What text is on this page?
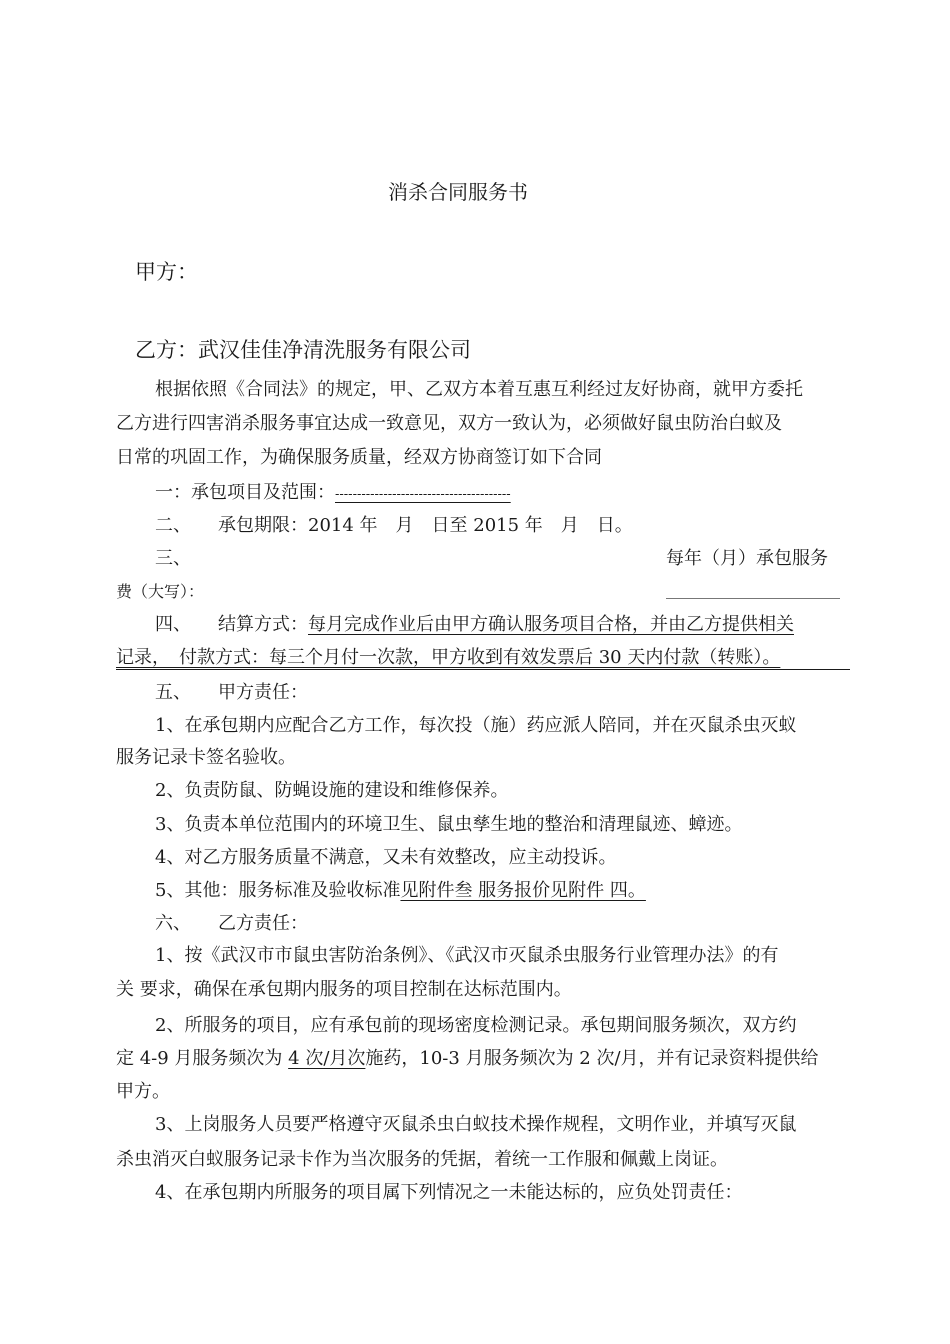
消杀合同服务书
甲方：
乙方：武汉佳佳净清洗服务有限公司
根据依照《合同法》的规定，甲、乙双方本着互惠互利经过友好协商，就甲方委托
乙方进行四害消杀服务事宜达成一致意见，双方一致认为，必须做好鼠虫防治白蚁及
日常的巩固工作，为确保服务质量，经双方协商签订如下合同
一：承包项目及范围：----------------------------------------
二、　　承包期限：2014 年　月　日至 2015 年　月　日。
三、	每年（月）承包服务
费（大写）：
四、　　结算方式：每月完成作业后由甲方确认服务项目合格，并由乙方提供相关
记录，　付款方式：每三个月付一次款，甲方收到有效发票后 30 天内付款（转账）。
五、　　甲方责任：
1、在承包期内应配合乙方工作，每次投（施）药应派人陪同，并在灭鼠杀虫灭蚁
服务记录卡签名验收。
2、负责防鼠、防蝇设施的建设和维修保养。
3、负责本单位范围内的环境卫生、鼠虫孳生地的整治和清理鼠迹、蟑迹。
4、对乙方服务质量不满意，又未有效整改，应主动投诉。
5、其他：服务标准及验收标准见附件叁 服务报价见附件 四。
六、　　乙方责任：
1、按《武汉市市鼠虫害防治条例》、《武汉市灭鼠杀虫服务行业管理办法》的有
关 要求，确保在承包期内服务的项目控制在达标范围内。
2、所服务的项目，应有承包前的现场密度检测记录。承包期间服务频次，双方约
定 4-9 月服务频次为 4 次/月次施药，10-3 月服务频次为 2 次/月，并有记录资料提供给
甲方。
3、上岗服务人员要严格遵守灭鼠杀虫白蚁技术操作规程，文明作业，并填写灭鼠
杀虫消灭白蚁服务记录卡作为当次服务的凭据，着统一工作服和佩戴上岗证。
4、在承包期内所服务的项目属下列情况之一未能达标的，应负处罚责任：
